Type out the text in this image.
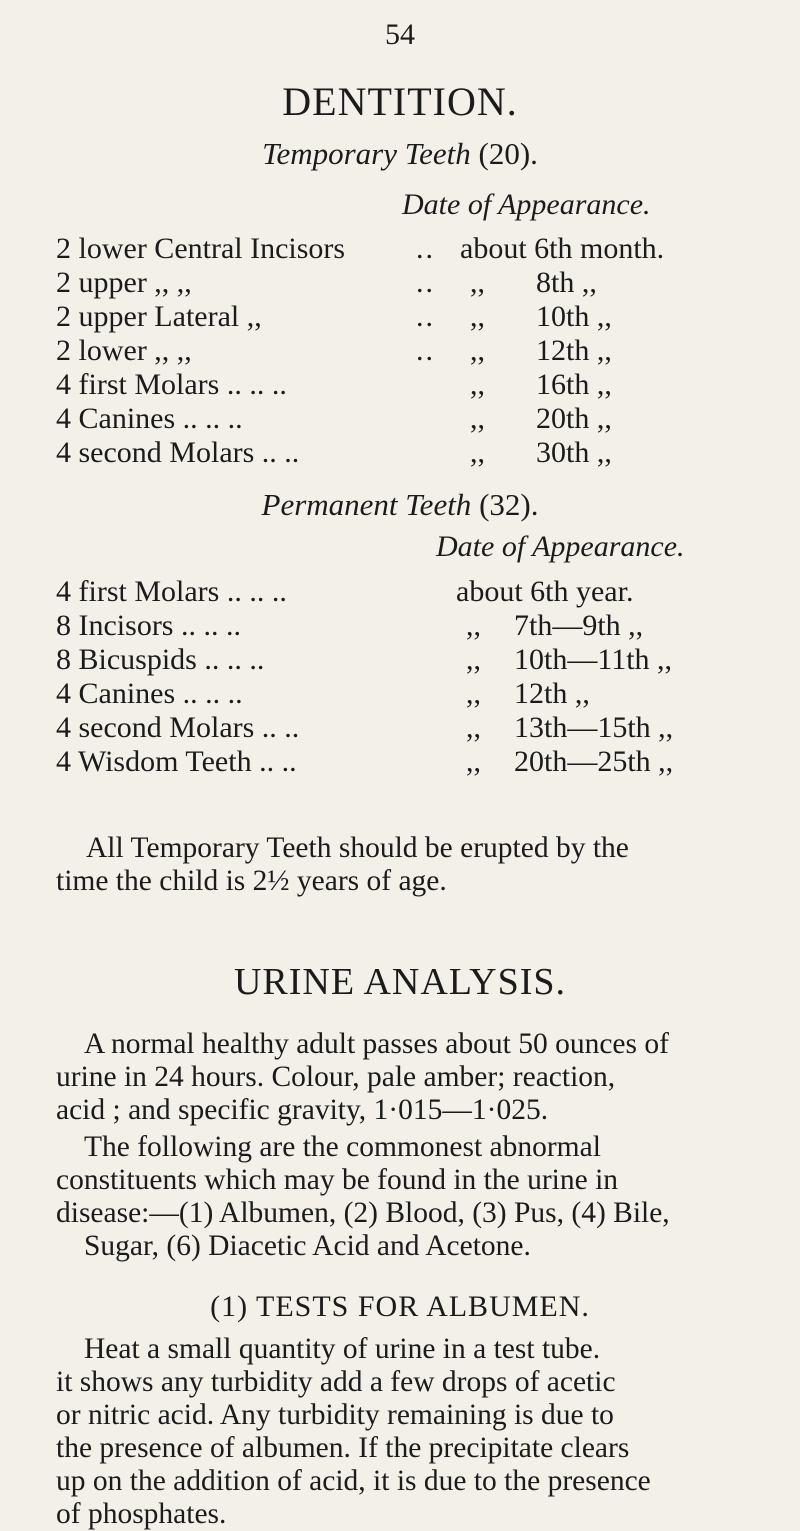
54
DENTITION.
Temporary Teeth (20).
Date of Appearance.
2 lower Central Incisors .. about 6th month.
2 upper ,, ,,	.. ,, 8th ,,
2 upper Lateral ,,	.. ,, 10th ,,
2 lower ,, ,,	.. ,, 12th ,,
4 first Molars .. .. ..	,, 16th ,,
4 Canines .. .. ..	,, 20th ,,
4 second Molars .. ..	,, 30th ,,
Permanent Teeth (32).
Date of Appearance.
4 first Molars .. .. ..	about 6th year.
8 Incisors .. .. ..	,, 7th—9th ,,
8 Bicuspids .. .. ..	,, 10th—11th ,,
4 Canines .. .. ..	,, 12th ,,
4 second Molars .. ..	,, 13th—15th ,,
4 Wisdom Teeth .. ..	,, 20th—25th ,,
All Temporary Teeth should be erupted by the
time the child is 2½ years of age.
URINE ANALYSIS.
A normal healthy adult passes about 50 ounces of
urine in 24 hours. Colour, pale amber; reaction,
acid ; and specific gravity, 1·015—1·025.
The following are the commonest abnormal
constituents which may be found in the urine in
disease:—(1) Albumen, (2) Blood, (3) Pus, (4) Bile,
Sugar, (6) Diacetic Acid and Acetone.
(1) TESTS FOR ALBUMEN.
Heat a small quantity of urine in a test tube.
it shows any turbidity add a few drops of acetic
or nitric acid. Any turbidity remaining is due to
the presence of albumen. If the precipitate clears
up on the addition of acid, it is due to the presence
of phosphates.
